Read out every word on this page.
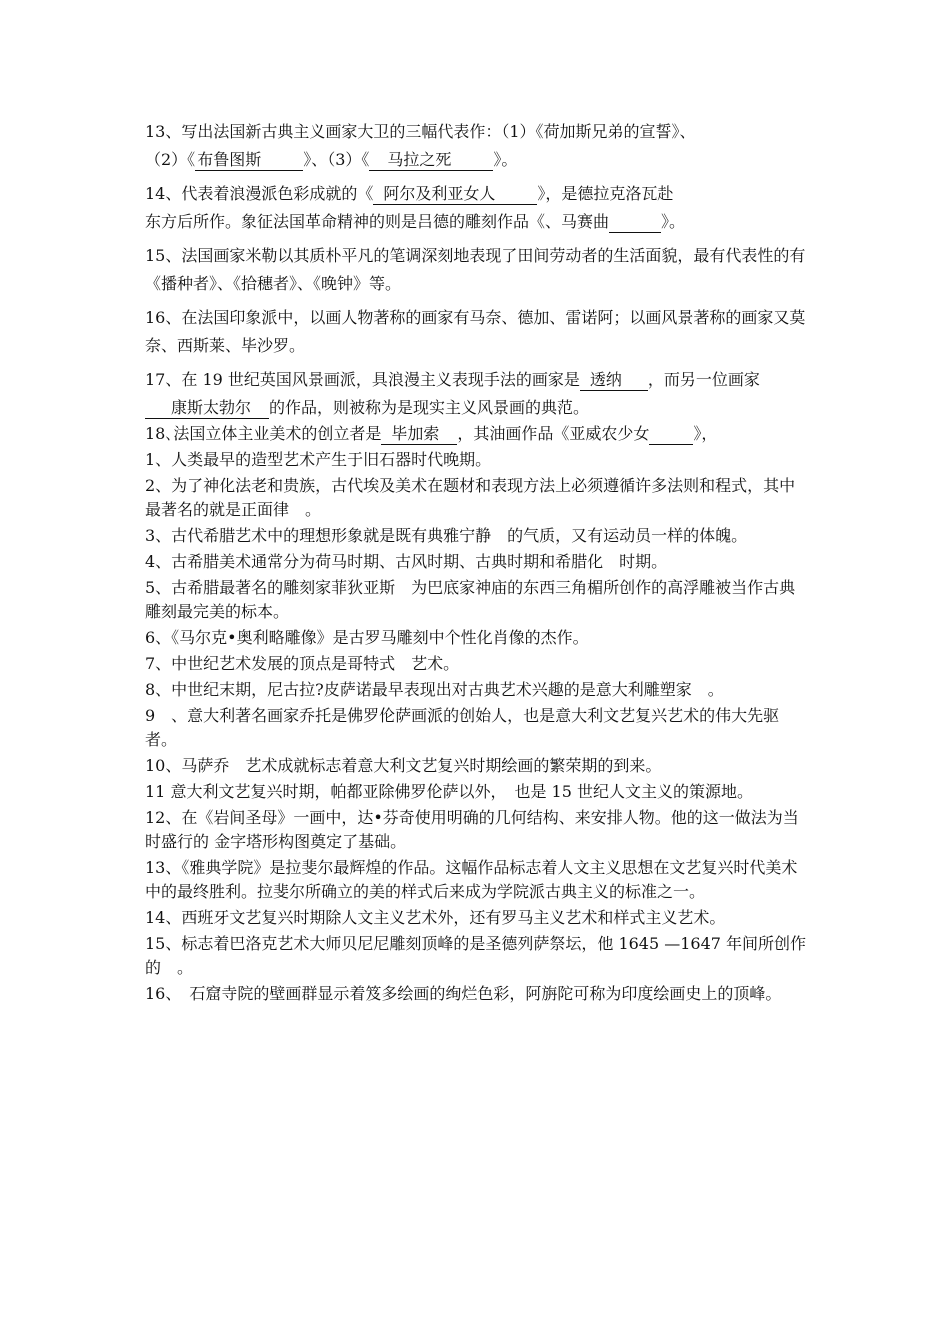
13、写出法国新古典主义画家大卫的三幅代表作：（1）《荷加斯兄弟的宣誓》、

（2）《 布鲁图斯     	》、（3）《   马拉之死     	》。

14、代表着浪漫派色彩成就的《  阿尔及利亚女人     	》，是德拉克洛瓦赴
东方后所作。象征法国革命精神的则是吕德的雕刻作品《、马赛曲      	》。

15、法国画家米勒以其质朴平凡的笔调深刻地表现了田间劳动者的生活面貌，最有代表性的有《播种者》、《拾穗者》、《晚钟》等。

16、在法国印象派中，以画人物著称的画家有马奈、德加、雷诺阿；以画风景著称的画家又莫奈、西斯莱、毕沙罗。

17、在 19 世纪英国风景画派，具浪漫主义表现手法的画家是  透纳    ，而另一位画家   康斯太勃尔   的作品，则被称为是现实主义风景画的典范。

18､法国立体主业美术的创立者是  毕加索   ，其油画作品《亚威农少女     	》，

1、人类最早的造型艺术产生于旧石器时代晚期。

2、为了神化法老和贵族，古代埃及美术在题材和表现方法上必须遵循许多法则和程式，其中最著名的就是正面律　。

3、古代希腊艺术中的理想形象就是既有典雅宁静　的气质，又有运动员一样的体魄。

4、古希腊美术通常分为荷马时期、古风时期、古典时期和希腊化　时期。

5、古希腊最著名的雕刻家菲狄亚斯　为巴底家神庙的东西三角楣所创作的高浮雕被当作古典雕刻最完美的标本。

6、《马尔克•奥利略雕像》是古罗马雕刻中个性化肖像的杰作。

7、中世纪艺术发展的顶点是哥特式　艺术。

8、中世纪末期，尼古拉?皮萨诺最早表现出对古典艺术兴趣的是意大利雕塑家　。

9　、意大利著名画家乔托是佛罗伦萨画派的创始人，也是意大利文艺复兴艺术的伟大先驱者。

10、马萨乔　艺术成就标志着意大利文艺复兴时期绘画的繁荣期的到来。

11 意大利文艺复兴时期，帕都亚除佛罗伦萨以外，　也是 15 世纪人文主义的策源地。

12、在《岩间圣母》一画中，达•芬奇使用明确的几何结构、来安排人物。他的这一做法为当时盛行的 金字塔形构图奠定了基础。

13、《雅典学院》是拉斐尔最辉煌的作品。这幅作品标志着人文主义思想在文艺复兴时代美术中的最终胜利。拉斐尔所确立的美的样式后来成为学院派古典主义的标准之一。

14、西班牙文艺复兴时期除人文主义艺术外，还有罗马主义艺术和样式主义艺术。

15、标志着巴洛克艺术大师贝尼尼雕刻顶峰的是圣德列萨祭坛，他 1645 —1647 年间所创作的　。

16、　石窟寺院的壁画群显示着笈多绘画的绚烂色彩，阿旃陀可称为印度绘画史上的顶峰。
